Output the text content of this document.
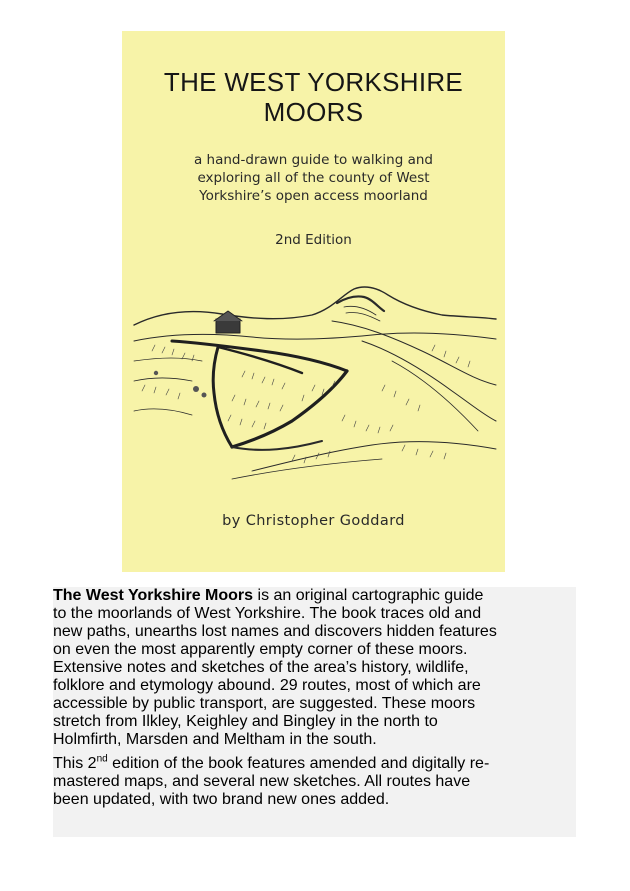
THE WEST YORKSHIRE
MOORS
a hand-drawn guide to walking and
exploring all of the county of West
Yorkshire’s open access moorland
2nd Edition
by Christopher Goddard

The West Yorkshire Moors is an original cartographic guide
to the moorlands of West Yorkshire. The book traces old and
new paths, unearths lost names and discovers hidden features
on even the most apparently empty corner of these moors.
Extensive notes and sketches of the area’s history, wildlife,
folklore and etymology abound. 29 routes, most of which are
accessible by public transport, are suggested. These moors
stretch from Ilkley, Keighley and Bingley in the north to
Holmfirth, Marsden and Meltham in the south.

This 2nd edition of the book features amended and digitally re-
mastered maps, and several new sketches. All routes have
been updated, with two brand new ones added.
